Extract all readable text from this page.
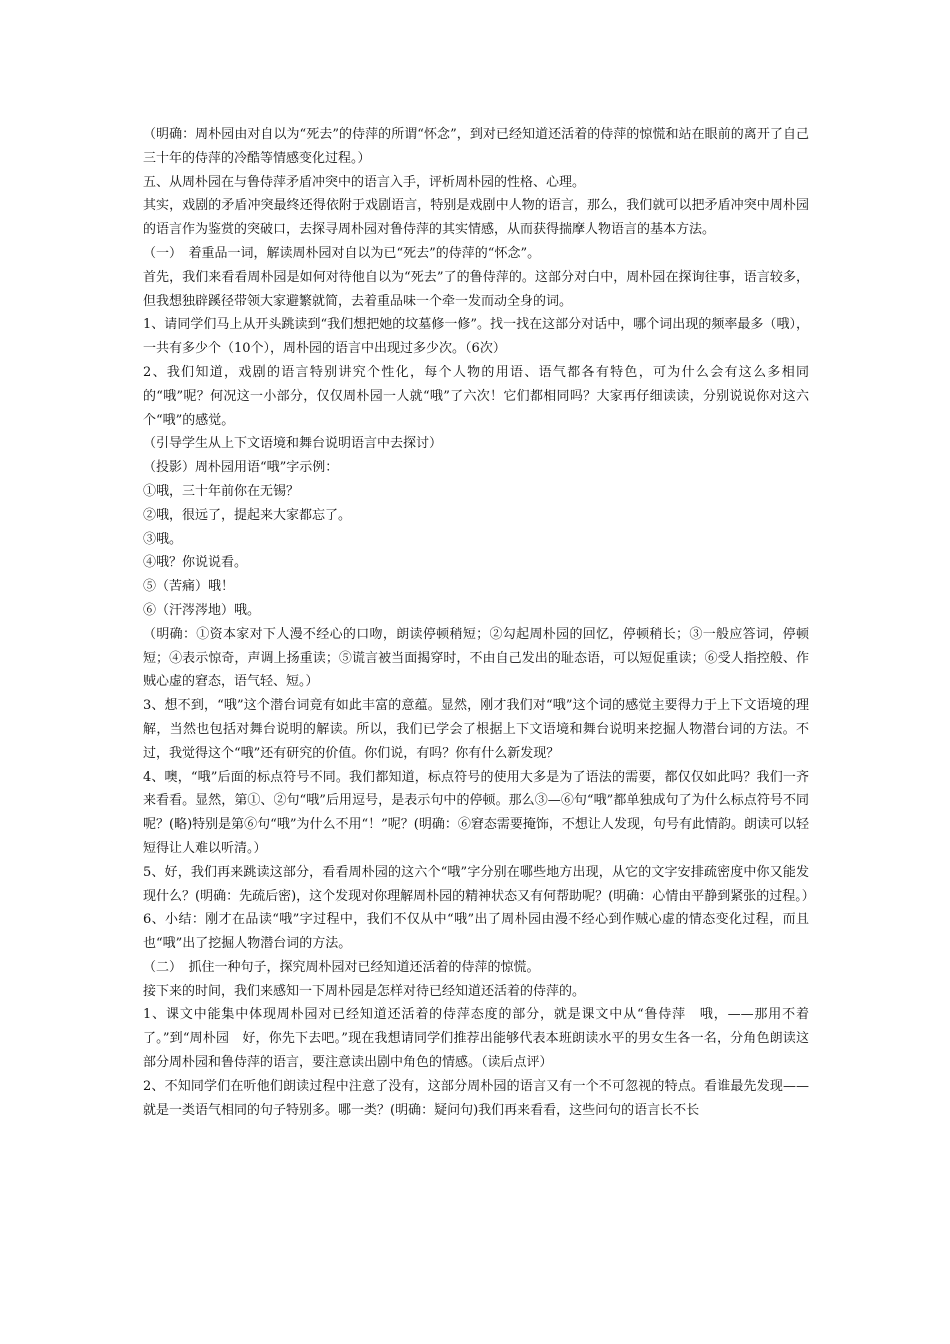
（明确：周朴园由对自以为“死去”的侍萍的所谓“怀念”，到对已经知道还活着的侍萍的惊慌和站在眼前的离开了自己三十年的侍萍的冷酷等情感变化过程。）

五、从周朴园在与鲁侍萍矛盾冲突中的语言入手，评析周朴园的性格、心理。

其实，戏剧的矛盾冲突最终还得依附于戏剧语言，特别是戏剧中人物的语言，那么，我们就可以把矛盾冲突中周朴园的语言作为鉴赏的突破口，去探寻周朴园对鲁侍萍的其实情感，从而获得揣摩人物语言的基本方法。

（一）　着重品一词，解读周朴园对自以为已“死去”的侍萍的“怀念”。

首先，我们来看看周朴园是如何对待他自以为“死去”了的鲁侍萍的。这部分对白中，周朴园在探询往事，语言较多，但我想独辟蹊径带领大家避繁就简，去着重品味一个牵一发而动全身的词。

1、请同学们马上从开头跳读到“我们想把她的坟墓修一修”。找一找在这部分对话中，哪个词出现的频率最多（哦），一共有多少个（10个），周朴园的语言中出现过多少次。（6次）

2、我们知道，戏剧的语言特别讲究个性化，每个人物的用语、语气都各有特色，可为什么会有这么多相同的“哦”呢？何况这一小部分，仅仅周朴园一人就“哦”了六次！它们都相同吗？大家再仔细读读，分别说说你对这六个“哦”的感觉。

（引导学生从上下文语境和舞台说明语言中去探讨）

（投影）周朴园用语“哦”字示例：

①哦，三十年前你在无锡？

②哦，很远了，提起来大家都忘了。

③哦。

④哦？你说说看。

⑤（苦痛）哦！

⑥（汗涔涔地）哦。

（明确：①资本家对下人漫不经心的口吻，朗读停顿稍短；②勾起周朴园的回忆，停顿稍长；③一般应答词，停顿短；④表示惊奇，声调上扬重读；⑤谎言被当面揭穿时，不由自己发出的耻态语，可以短促重读；⑥受人指控般、作贼心虚的窘态，语气轻、短。）

3、想不到，“哦”这个潜台词竟有如此丰富的意蕴。显然，刚才我们对“哦”这个词的感觉主要得力于上下文语境的理解，当然也包括对舞台说明的解读。所以，我们已学会了根据上下文语境和舞台说明来挖掘人物潜台词的方法。不过，我觉得这个“哦”还有研究的价值。你们说，有吗？你有什么新发现？

4、噢，“哦”后面的标点符号不同。我们都知道，标点符号的使用大多是为了语法的需要，都仅仅如此吗？我们一齐来看看。显然，第①、②句“哦”后用逗号，是表示句中的停顿。那么③—⑥句“哦”都单独成句了为什么标点符号不同呢？(略)特别是第⑥句“哦”为什么不用“！”呢？(明确：⑥窘态需要掩饰，不想让人发现，句号有此情韵。朗读可以轻短得让人难以听清。）

5、好，我们再来跳读这部分，看看周朴园的这六个“哦”字分别在哪些地方出现，从它的文字安排疏密度中你又能发现什么？(明确：先疏后密)，这个发现对你理解周朴园的精神状态又有何帮助呢？(明确：心情由平静到紧张的过程。）

6、小结：刚才在品读“哦”字过程中，我们不仅从中“哦”出了周朴园由漫不经心到作贼心虚的情态变化过程，而且也“哦”出了挖掘人物潜台词的方法。

（二）　抓住一种句子，探究周朴园对已经知道还活着的侍萍的惊慌。

接下来的时间，我们来感知一下周朴园是怎样对待已经知道还活着的侍萍的。

1、课文中能集中体现周朴园对已经知道还活着的侍萍态度的部分，就是课文中从“鲁侍萍　哦，——那用不着了。”到“周朴园　好，你先下去吧。”现在我想请同学们推荐出能够代表本班朗读水平的男女生各一名，分角色朗读这部分周朴园和鲁侍萍的语言，要注意读出剧中角色的情感。（读后点评）

2、不知同学们在听他们朗读过程中注意了没有，这部分周朴园的语言又有一个不可忽视的特点。看谁最先发现——就是一类语气相同的句子特别多。哪一类？(明确：疑问句)我们再来看看，这些问句的语言长不长
